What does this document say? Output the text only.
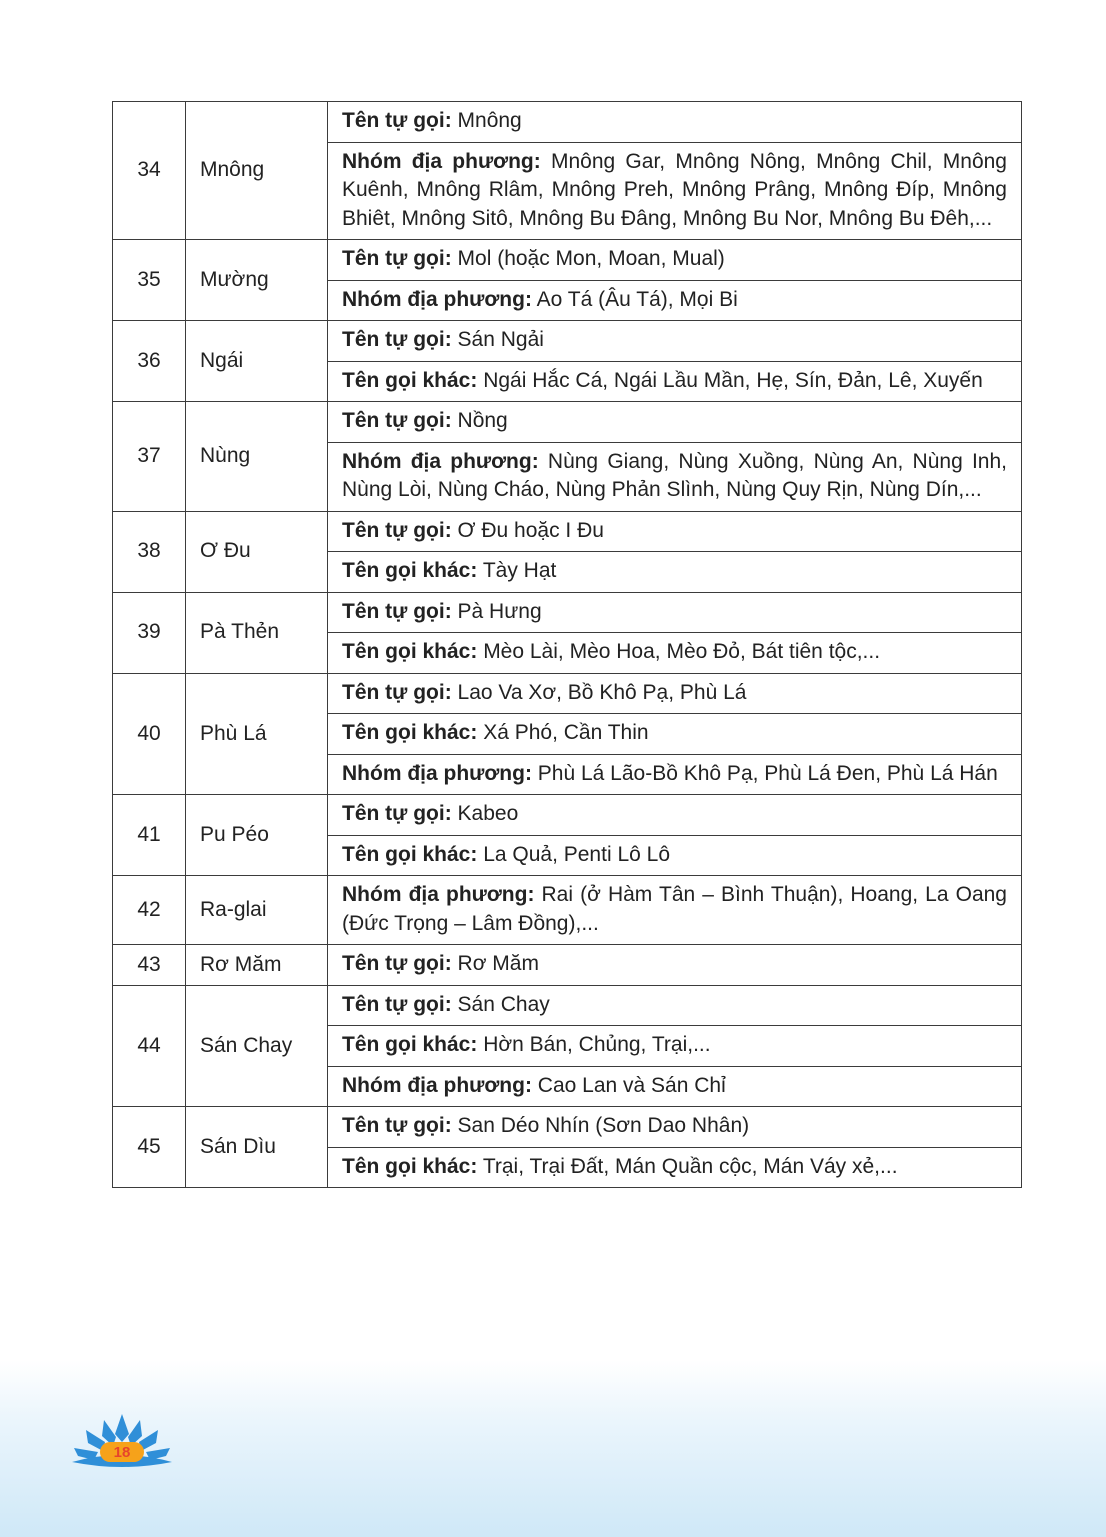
34	Mnông	Tên tự gọi: Mnông
		Nhóm địa phương: Mnông Gar, Mnông Nông, Mnông Chil, Mnông Kuênh, Mnông Rlâm, Mnông Preh, Mnông Prâng, Mnông Đíp, Mnông Bhiêt, Mnông Sitô, Mnông Bu Đâng, Mnông Bu Nor, Mnông Bu Đêh,...
35	Mường	Tên tự gọi: Mol (hoặc Mon, Moan, Mual)
		Nhóm địa phương: Ao Tá (Âu Tá), Mọi Bi
36	Ngái	Tên tự gọi: Sán Ngải
		Tên gọi khác: Ngái Hắc Cá, Ngái Lầu Mần, Hẹ, Sín, Đản, Lê, Xuyến
37	Nùng	Tên tự gọi: Nồng
		Nhóm địa phương: Nùng Giang, Nùng Xuồng, Nùng An, Nùng Inh, Nùng Lòi, Nùng Cháo, Nùng Phản Slình, Nùng Quy Rịn, Nùng Dín,...
38	Ơ Đu	Tên tự gọi: Ơ Đu hoặc I Đu
		Tên gọi khác: Tày Hạt
39	Pà Thẻn	Tên tự gọi: Pà Hưng
		Tên gọi khác: Mèo Lài, Mèo Hoa, Mèo Đỏ, Bát tiên tộc,...
40	Phù Lá	Tên tự gọi: Lao Va Xơ, Bồ Khô Pạ, Phù Lá
		Tên gọi khác: Xá Phó, Cần Thin
		Nhóm địa phương: Phù Lá Lão-Bồ Khô Pạ, Phù Lá Đen, Phù Lá Hán
41	Pu Péo	Tên tự gọi: Kabeo
		Tên gọi khác: La Quả, Penti Lô Lô
42	Ra-glai	Nhóm địa phương: Rai (ở Hàm Tân – Bình Thuận), Hoang, La Oang (Đức Trọng – Lâm Đồng),...
43	Rơ Măm	Tên tự gọi: Rơ Măm
44	Sán Chay	Tên tự gọi: Sán Chay
		Tên gọi khác: Hờn Bán, Chủng, Trại,...
		Nhóm địa phương: Cao Lan và Sán Chỉ
45	Sán Dìu	Tên tự gọi: San Déo Nhín (Sơn Dao Nhân)
		Tên gọi khác: Trại, Trại Đất, Mán Quần cộc, Mán Váy xẻ,...
18
